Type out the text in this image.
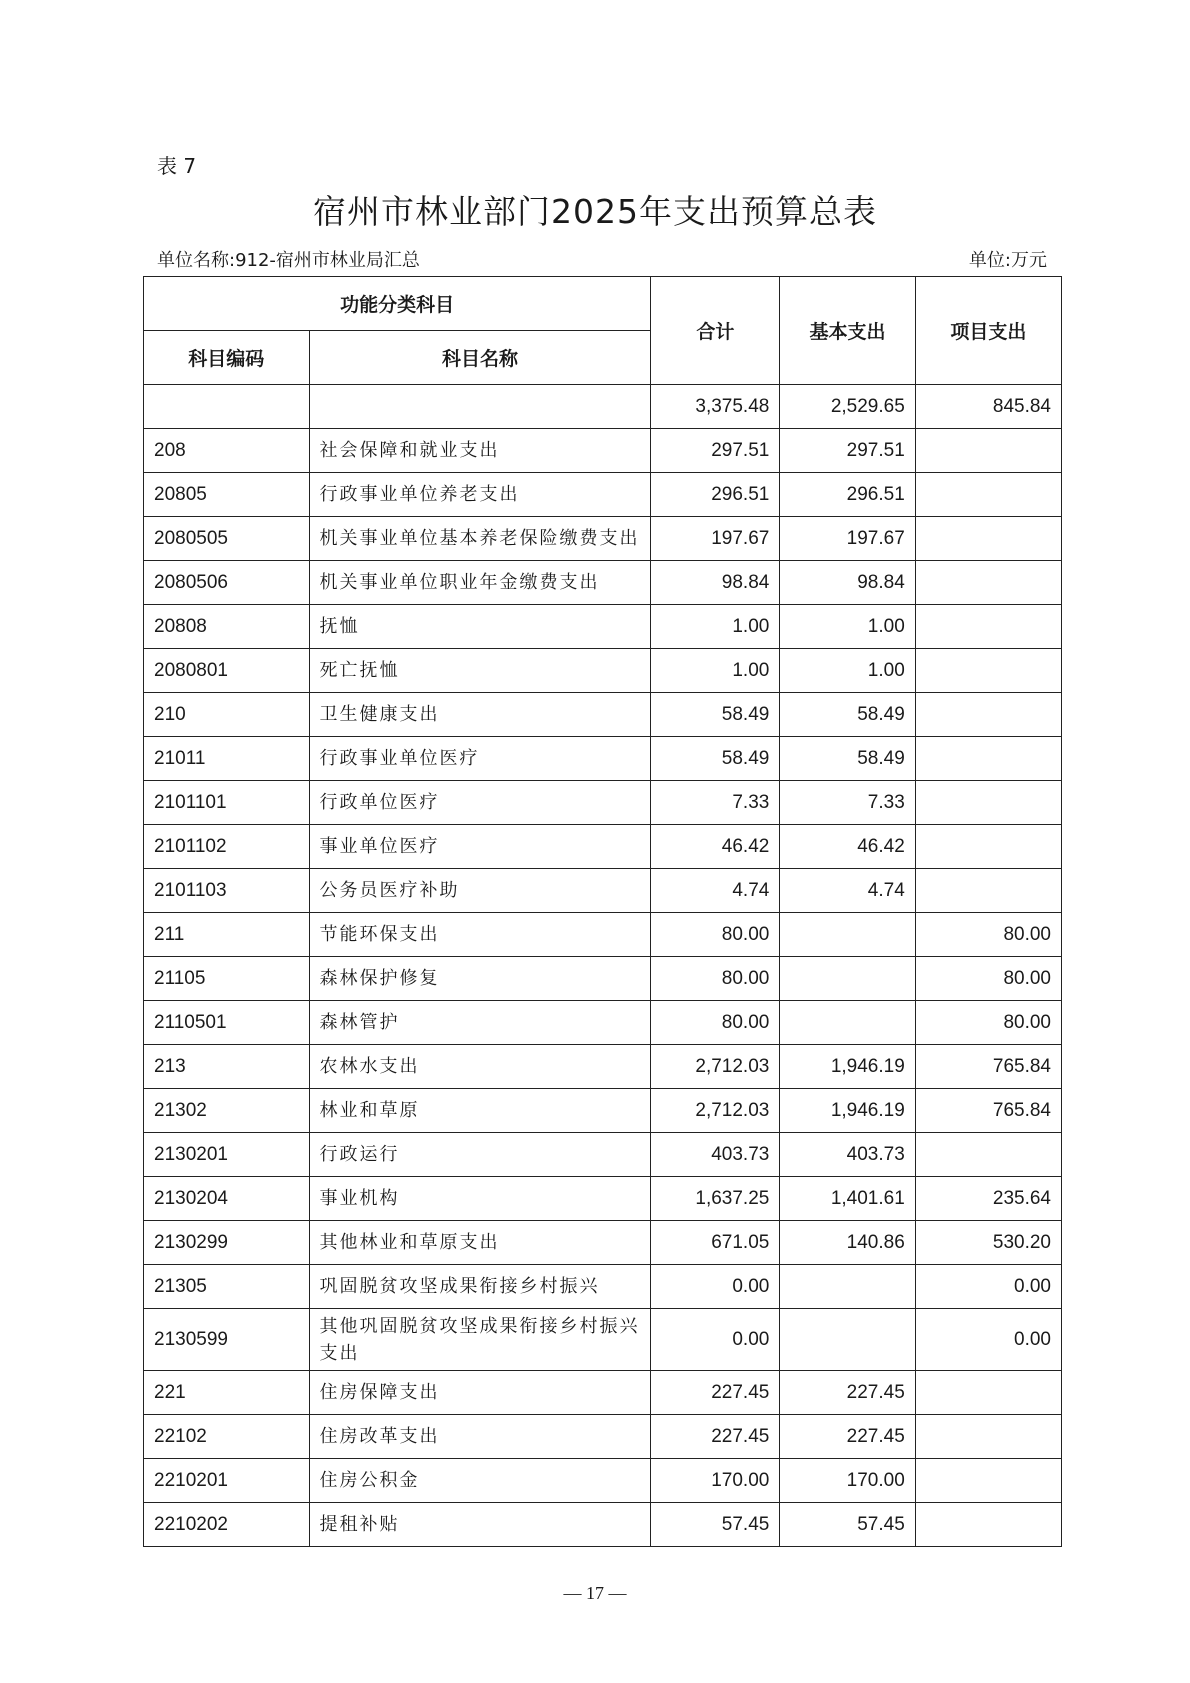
表 7
宿州市林业部门2025年支出预算总表
单位名称:912-宿州市林业局汇总	单位:万元
功能分类科目		合计	基本支出	项目支出
科目编码	科目名称			
		3,375.48	2,529.65	845.84
208	社会保障和就业支出	297.51	297.51	
20805	行政事业单位养老支出	296.51	296.51	
2080505	机关事业单位基本养老保险缴费支出	197.67	197.67	
2080506	机关事业单位职业年金缴费支出	98.84	98.84	
20808	抚恤	1.00	1.00	
2080801	死亡抚恤	1.00	1.00	
210	卫生健康支出	58.49	58.49	
21011	行政事业单位医疗	58.49	58.49	
2101101	行政单位医疗	7.33	7.33	
2101102	事业单位医疗	46.42	46.42	
2101103	公务员医疗补助	4.74	4.74	
211	节能环保支出	80.00		80.00
21105	森林保护修复	80.00		80.00
2110501	森林管护	80.00		80.00
213	农林水支出	2,712.03	1,946.19	765.84
21302	林业和草原	2,712.03	1,946.19	765.84
2130201	行政运行	403.73	403.73	
2130204	事业机构	1,637.25	1,401.61	235.64
2130299	其他林业和草原支出	671.05	140.86	530.20
21305	巩固脱贫攻坚成果衔接乡村振兴	0.00		0.00
2130599	其他巩固脱贫攻坚成果衔接乡村振兴支出	0.00		0.00
221	住房保障支出	227.45	227.45	
22102	住房改革支出	227.45	227.45	
2210201	住房公积金	170.00	170.00	
2210202	提租补贴	57.45	57.45	
— 17 —
